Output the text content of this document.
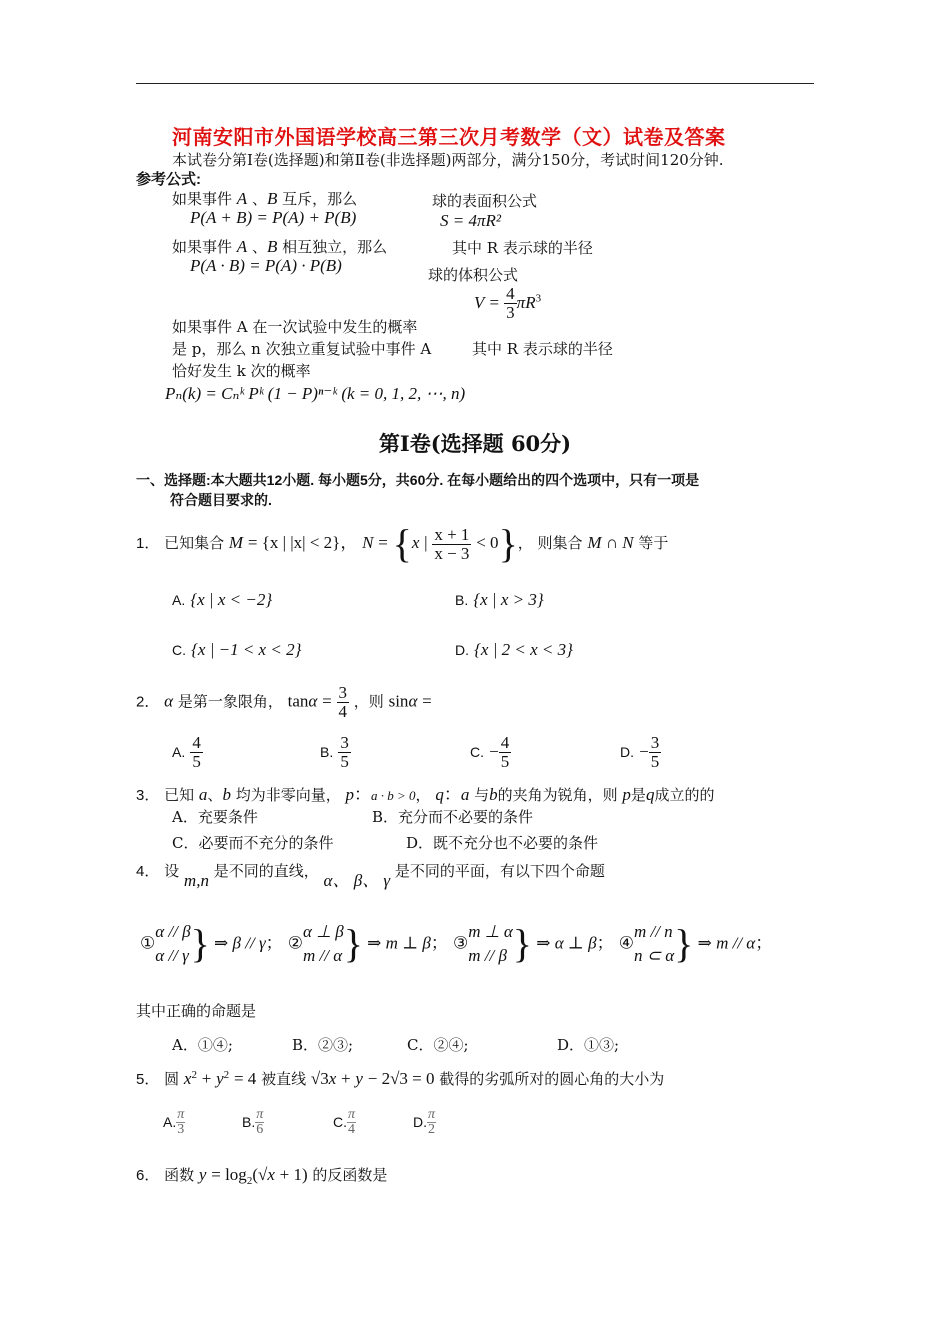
河南安阳市外国语学校高三第三次月考数学（文）试卷及答案
本试卷分第Ⅰ卷(选择题)和第Ⅱ卷(非选择题)两部分，满分150分，考试时间120分钟.
参考公式:
如果事件 A 、B 互斥，那么
P(A + B) = P(A) + P(B)
球的表面积公式
S = 4πR²
如果事件 A 、B 相互独立，那么
P(A · B) = P(A) · P(B)
其中 R 表示球的半径
球的体积公式
$V = \frac{4}{3} \pi R^3$
如果事件 A 在一次试验中发生的概率
是 p，那么 n 次独立重复试验中事件 A	其中 R 表示球的半径
恰好发生 k 次的概率
Pₙ(k) = Cₙᵏ Pᵏ (1 − P)ⁿ⁻ᵏ (k = 0, 1, 2, ⋯, n)
第Ⅰ卷(选择题 60分)
一、选择题:本大题共12小题. 每小题5分，共60分. 在每小题给出的四个选项中，只有一项是
符合题目要求的.
1． 已知集合 M = {x | |x| < 2}， N = {x | $\frac{x + 1}{x - 3} < 0$}， 则集合 M ∩ N 等于
A. {x | x < −2}	B. {x | x > 3}
C. {x | −1 < x < 2}	D. {x | 2 < x < 3}
2． α 是第一象限角， $\tan\alpha = \frac{3}{4}$ ，则 sinα =
A. $\frac{4}{5}$	B. $\frac{3}{5}$	C. − $\frac{4}{5}$	D. − $\frac{3}{5}$
3． 已知 a、b 均为非零向量， p：a · b > 0， q：a 与b的夹角为锐角，则 p是q成立的的
A．充要条件	B．充分而不必要的条件
C．必要而不充分的条件	D．既不充分也不必要的条件
4． 设 m,n 是不同的直线， α、 β、 γ 是不同的平面，有以下四个命题
①
α // β
α // γ } ⇒ β // γ； ②
α ⊥ β
m // α } ⇒ m ⊥ β； ③
m ⊥ α
m // β } ⇒ α ⊥ β； ④
m // n
n ⊂ α } ⇒ m // α；
其中正确的命题是
A．①④;	B．②③;	C．②④;	D．①③;
5． 圆 $x^2 + y^2 = 4$ 被直线 √3x + y − 2√3 = 0 截得的劣弧所对的圆心角的大小为
A. $\frac{\pi}{3}$	B. $\frac{\pi}{6}$	C. $\frac{\pi}{4}$	D. $\frac{\pi}{2}$
6． 函数 $y = \log_2(√x + 1)$ 的反函数是
